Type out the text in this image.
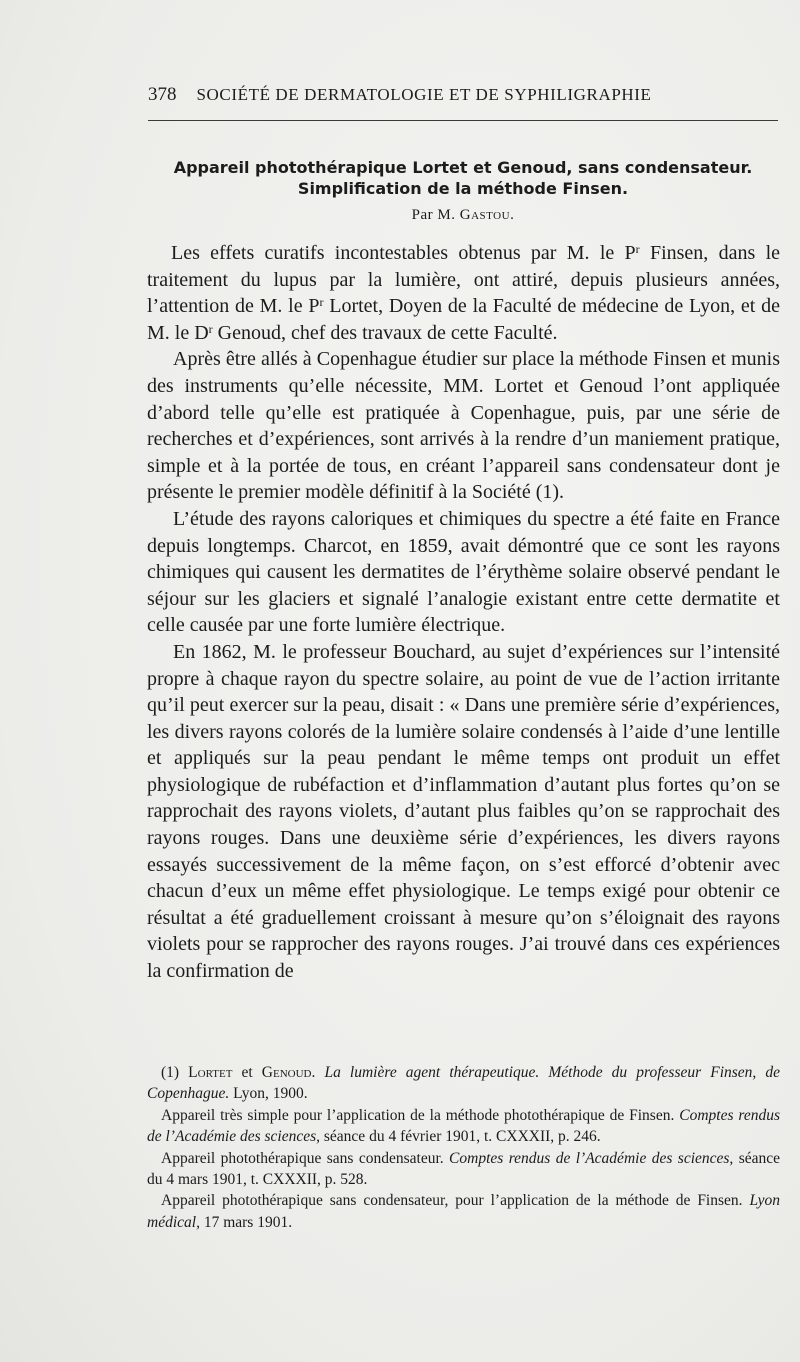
378 SOCIÉTÉ DE DERMATOLOGIE ET DE SYPHILIGRAPHIE
Appareil photothérapique Lortet et Genoud, sans condensateur.
Simplification de la méthode Finsen.
Par M. Gastou.

Les effets curatifs incontestables obtenus par M. le $P^r$ Finsen, dans le traitement du lupus par la lumière, ont attiré, depuis plusieurs années, l’attention de M. le $P^r$ Lortet, Doyen de la Faculté de médecine de Lyon, et de M. le $D^r$ Genoud, chef des travaux de cette Faculté.

Après être allés à Copenhague étudier sur place la méthode Finsen et munis des instruments qu’elle nécessite, MM. Lortet et Genoud l’ont appliquée d’abord telle qu’elle est pratiquée à Copenhague, puis, par une série de recherches et d’expériences, sont arrivés à la rendre d’un maniement pratique, simple et à la portée de tous, en créant l’appareil sans condensateur dont je présente le premier modèle définitif à la Société (1).

L’étude des rayons caloriques et chimiques du spectre a été faite en France depuis longtemps. Charcot, en 1859, avait démontré que ce sont les rayons chimiques qui causent les dermatites de l’érythème solaire observé pendant le séjour sur les glaciers et signalé l’analogie existant entre cette dermatite et celle causée par une forte lumière électrique.

En 1862, M. le professeur Bouchard, au sujet d’expériences sur l’intensité propre à chaque rayon du spectre solaire, au point de vue de l’action irritante qu’il peut exercer sur la peau, disait : « Dans une première série d’expériences, les divers rayons colorés de la lumière solaire condensés à l’aide d’une lentille et appliqués sur la peau pendant le même temps ont produit un effet physiologique de rubéfaction et d’inflammation d’autant plus fortes qu’on se rapprochait des rayons violets, d’autant plus faibles qu’on se rapprochait des rayons rouges. Dans une deuxième série d’expériences, les divers rayons essayés successivement de la même façon, on s’est efforcé d’obtenir avec chacun d’eux un même effet physiologique. Le temps exigé pour obtenir ce résultat a été graduellement croissant à mesure qu’on s’éloignait des rayons violets pour se rapprocher des rayons rouges. J’ai trouvé dans ces expériences la confirmation de

(1) Lortet et Genoud. La lumière agent thérapeutique. Méthode du professeur Finsen, de Copenhague. Lyon, 1900.

Appareil très simple pour l’application de la méthode photothérapique de Finsen. Comptes rendus de l’Académie des sciences, séance du 4 février 1901, t. CXXXII, p. 246.

Appareil photothérapique sans condensateur. Comptes rendus de l’Académie des sciences, séance du 4 mars 1901, t. CXXXII, p. 528.

Appareil photothérapique sans condensateur, pour l’application de la méthode de Finsen. Lyon médical, 17 mars 1901.
